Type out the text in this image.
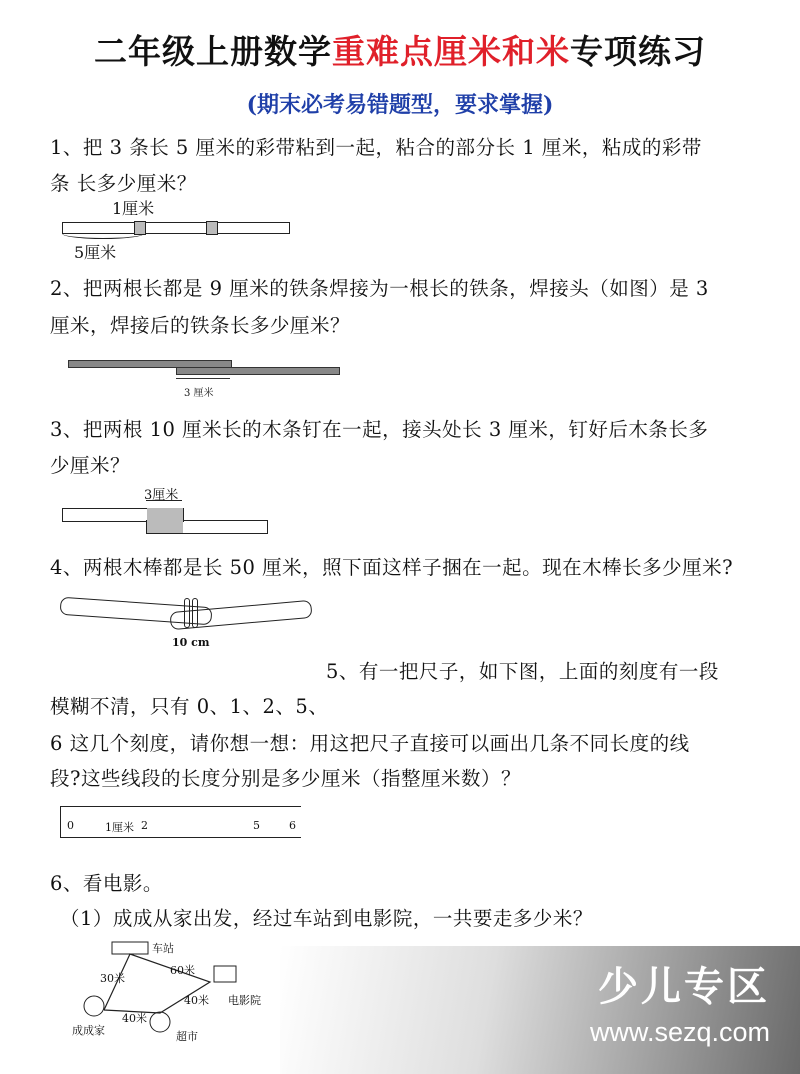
二年级上册数学重难点厘米和米专项练习
(期末必考易错题型，要求掌握)
1、把 3 条长 5 厘米的彩带粘到一起，粘合的部分长 1 厘米，粘成的彩带
条 长多少厘米？
1厘米
5厘米
2、把两根长都是 9 厘米的铁条焊接为一根长的铁条，焊接头（如图）是 3
厘米，焊接后的铁条长多少厘米？
3 厘米
3、把两根 10 厘米长的木条钉在一起，接头处长 3 厘米，钉好后木条长多
少厘米？
3厘米
4、两根木棒都是长 50 厘米，照下面这样子捆在一起。现在木棒长多少厘米?
10 cm
5、有一把尺子，如下图，上面的刻度有一段
模糊不清，只有 0、1、2、5、
6 这几个刻度，请你想一想：用这把尺子直接可以画出几条不同长度的线
段?这些线段的长度分别是多少厘米（指整厘米数）？
0	1厘米 2	5	6
6、看电影。
（1）成成从家出发，经过车站到电影院，一共要走多少米？
车站
电影院
成成家	超市
30米
60米
40米
40米
少儿专区
www.sezq.com
